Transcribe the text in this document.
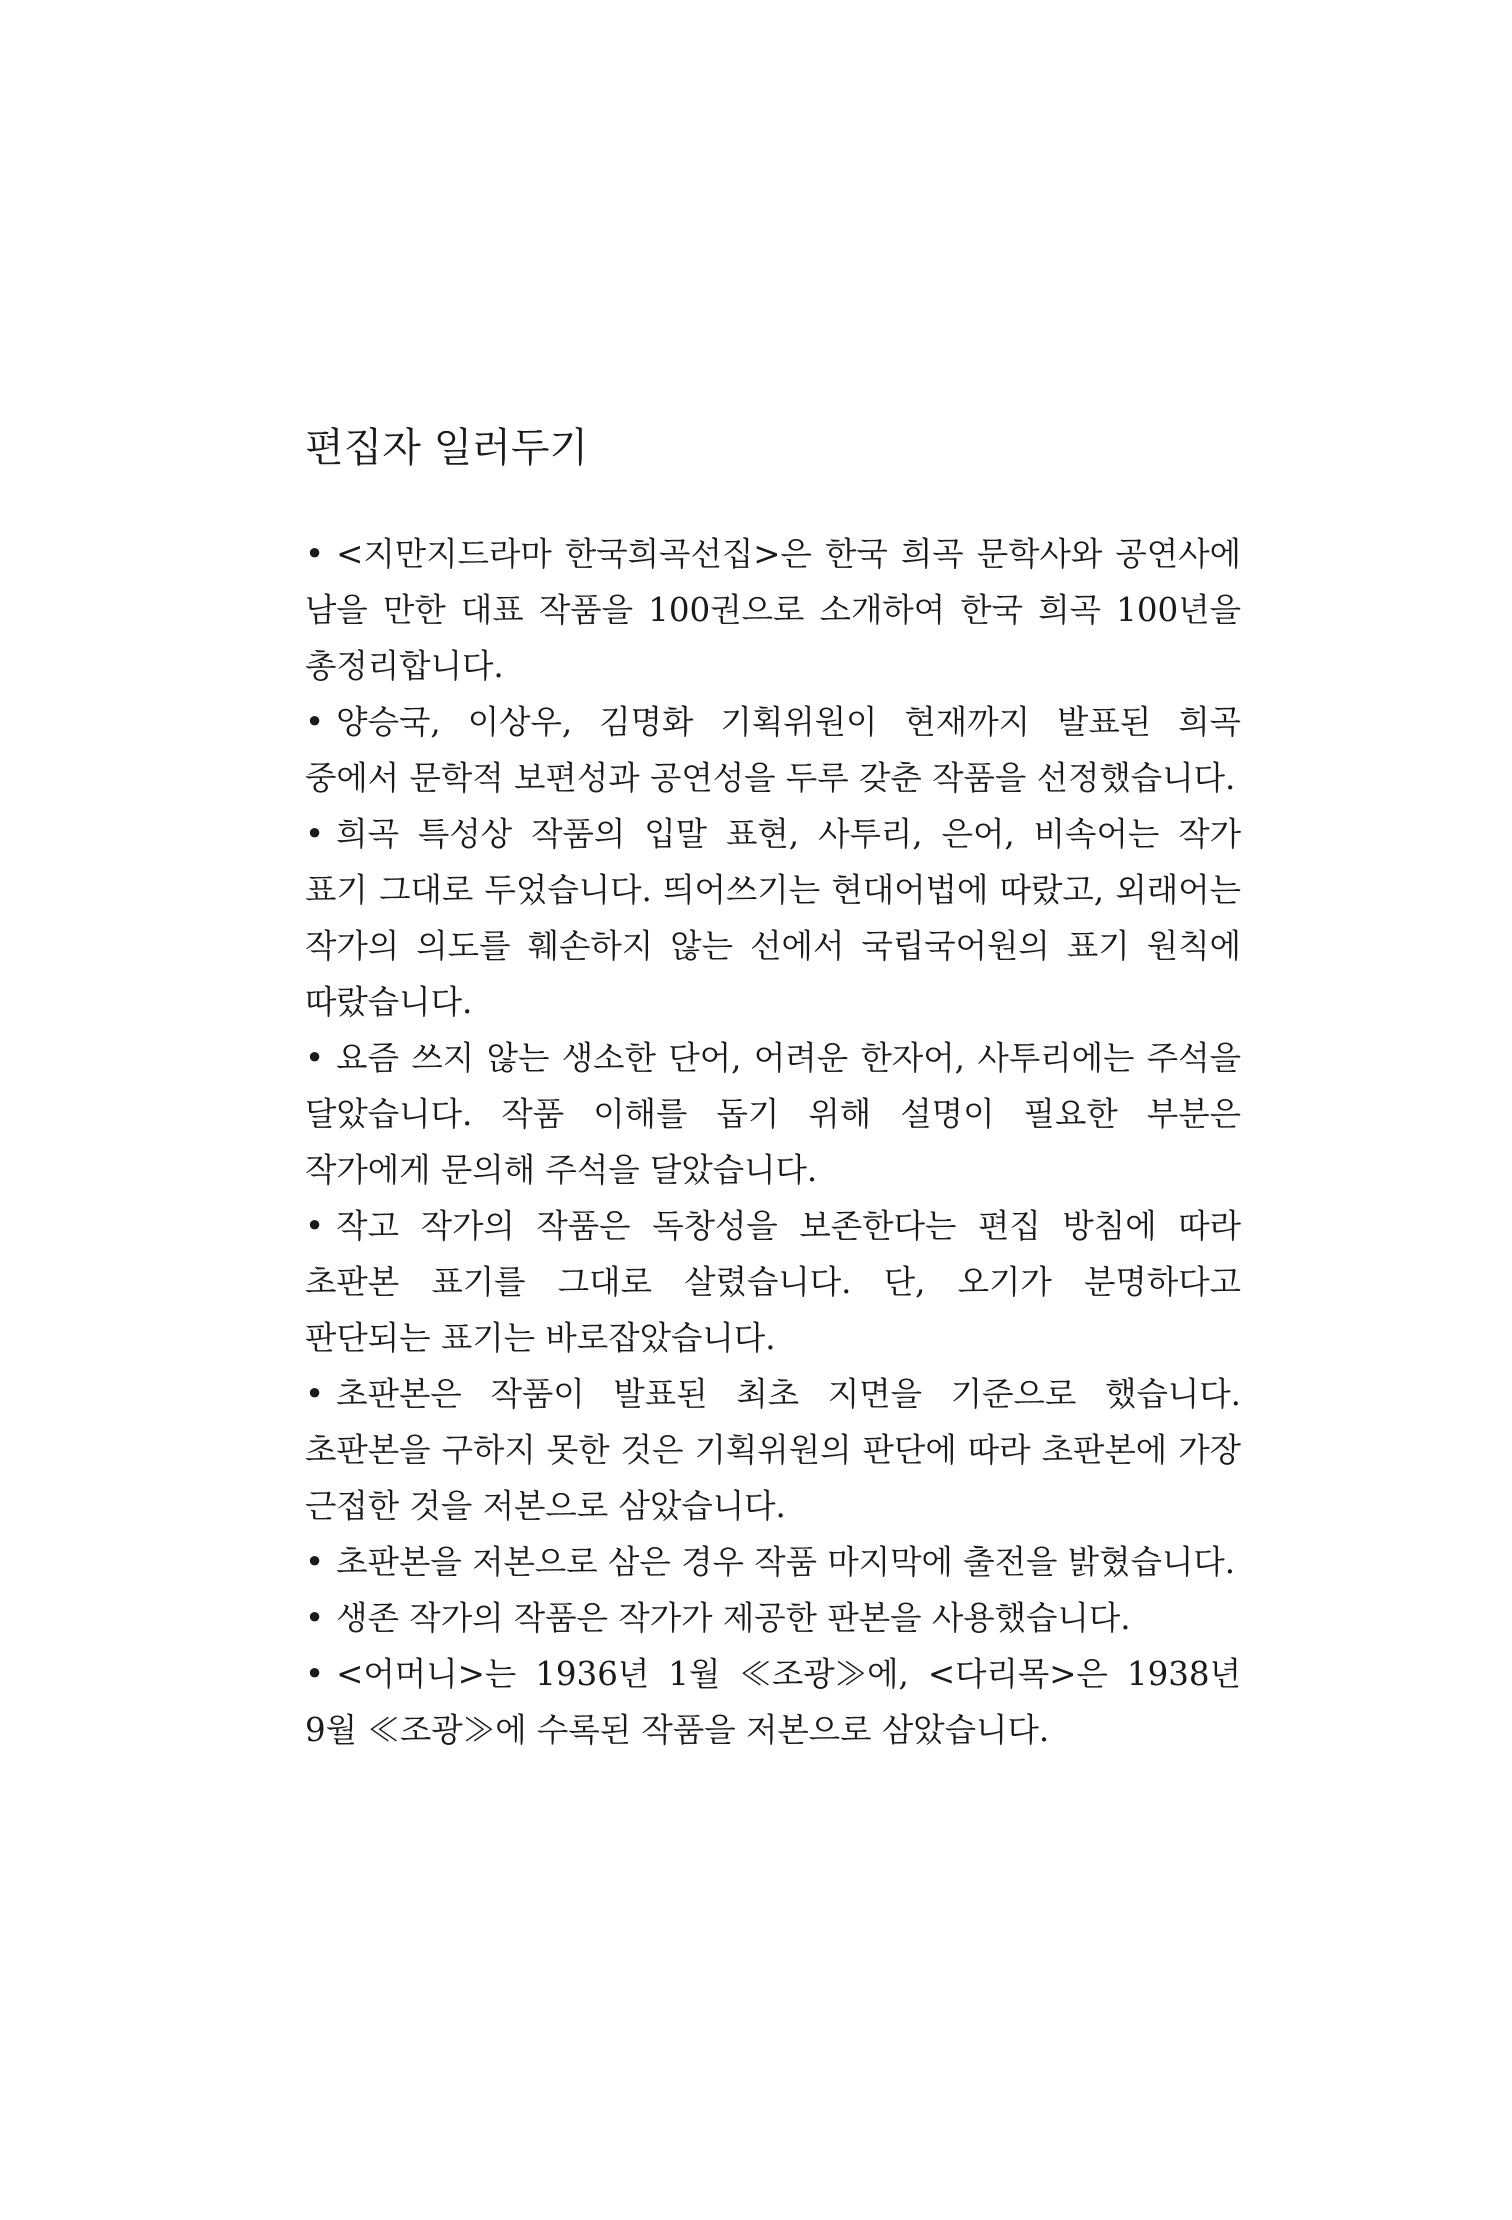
편집자 일러두기
• <지만지드라마 한국희곡선집>은 한국 희곡 문학사와 공연사에 남을 만한 대표 작품을 100권으로 소개하여 한국 희곡 100년을 총정리합니다.
• 양승국, 이상우, 김명화 기획위원이 현재까지 발표된 희곡 중에서 문학적 보편성과 공연성을 두루 갖춘 작품을 선정했습니다.
• 희곡 특성상 작품의 입말 표현, 사투리, 은어, 비속어는 작가 표기 그대로 두었습니다. 띄어쓰기는 현대어법에 따랐고, 외래어는 작가의 의도를 훼손하지 않는 선에서 국립국어원의 표기 원칙에 따랐습니다.
• 요즘 쓰지 않는 생소한 단어, 어려운 한자어, 사투리에는 주석을 달았습니다. 작품 이해를 돕기 위해 설명이 필요한 부분은 작가에게 문의해 주석을 달았습니다.
• 작고 작가의 작품은 독창성을 보존한다는 편집 방침에 따라 초판본 표기를 그대로 살렸습니다. 단, 오기가 분명하다고 판단되는 표기는 바로잡았습니다.
• 초판본은 작품이 발표된 최초 지면을 기준으로 했습니다. 초판본을 구하지 못한 것은 기획위원의 판단에 따라 초판본에 가장 근접한 것을 저본으로 삼았습니다.
• 초판본을 저본으로 삼은 경우 작품 마지막에 출전을 밝혔습니다.
• 생존 작가의 작품은 작가가 제공한 판본을 사용했습니다.
• <어머니>는 1936년 1월 ≪조광≫에, <다리목>은 1938년 9월 ≪조광≫에 수록된 작품을 저본으로 삼았습니다.
